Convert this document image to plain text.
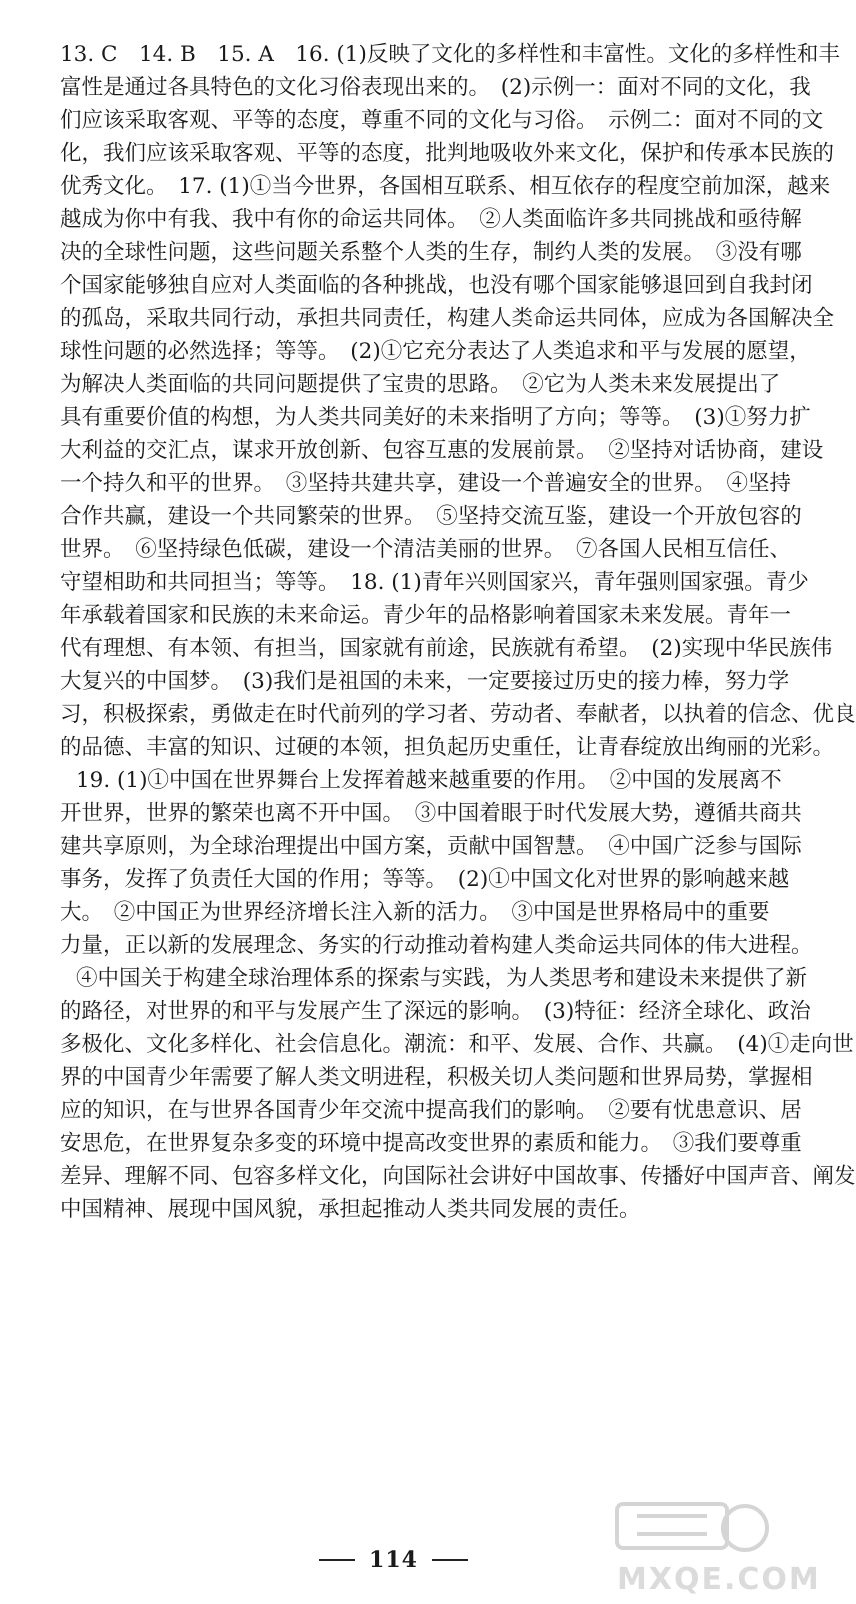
13. C　14. B　15. A　16. (1)反映了文化的多样性和丰富性。文化的多样性和丰
富性是通过各具特色的文化习俗表现出来的。　(2)示例一：面对不同的文化，我
们应该采取客观、平等的态度，尊重不同的文化与习俗。　示例二：面对不同的文
化，我们应该采取客观、平等的态度，批判地吸收外来文化，保护和传承本民族的
优秀文化。　17. (1)①当今世界，各国相互联系、相互依存的程度空前加深，越来
越成为你中有我、我中有你的命运共同体。　②人类面临许多共同挑战和亟待解
决的全球性问题，这些问题关系整个人类的生存，制约人类的发展。　③没有哪
个国家能够独自应对人类面临的各种挑战，也没有哪个国家能够退回到自我封闭
的孤岛，采取共同行动，承担共同责任，构建人类命运共同体，应成为各国解决全
球性问题的必然选择；等等。　(2)①它充分表达了人类追求和平与发展的愿望，
为解决人类面临的共同问题提供了宝贵的思路。　②它为人类未来发展提出了
具有重要价值的构想，为人类共同美好的未来指明了方向；等等。　(3)①努力扩
大利益的交汇点，谋求开放创新、包容互惠的发展前景。　②坚持对话协商，建设
一个持久和平的世界。　③坚持共建共享，建设一个普遍安全的世界。　④坚持
合作共赢，建设一个共同繁荣的世界。　⑤坚持交流互鉴，建设一个开放包容的
世界。　⑥坚持绿色低碳，建设一个清洁美丽的世界。　⑦各国人民相互信任、
守望相助和共同担当；等等。　18. (1)青年兴则国家兴，青年强则国家强。青少
年承载着国家和民族的未来命运。青少年的品格影响着国家未来发展。青年一
代有理想、有本领、有担当，国家就有前途，民族就有希望。　(2)实现中华民族伟
大复兴的中国梦。　(3)我们是祖国的未来，一定要接过历史的接力棒，努力学
习，积极探索，勇做走在时代前列的学习者、劳动者、奉献者，以执着的信念、优良
的品德、丰富的知识、过硬的本领，担负起历史重任，让青春绽放出绚丽的光彩。
19. (1)①中国在世界舞台上发挥着越来越重要的作用。　②中国的发展离不
开世界，世界的繁荣也离不开中国。　③中国着眼于时代发展大势，遵循共商共
建共享原则，为全球治理提出中国方案，贡献中国智慧。　④中国广泛参与国际
事务，发挥了负责任大国的作用；等等。　(2)①中国文化对世界的影响越来越
大。　②中国正为世界经济增长注入新的活力。　③中国是世界格局中的重要
力量，正以新的发展理念、务实的行动推动着构建人类命运共同体的伟大进程。
④中国关于构建全球治理体系的探索与实践，为人类思考和建设未来提供了新
的路径，对世界的和平与发展产生了深远的影响。　(3)特征：经济全球化、政治
多极化、文化多样化、社会信息化。潮流：和平、发展、合作、共赢。　(4)①走向世
界的中国青少年需要了解人类文明进程，积极关切人类问题和世界局势，掌握相
应的知识，在与世界各国青少年交流中提高我们的影响。　②要有忧患意识、居
安思危，在世界复杂多变的环境中提高改变世界的素质和能力。　③我们要尊重
差异、理解不同、包容多样文化，向国际社会讲好中国故事、传播好中国声音、阐发
中国精神、展现中国风貌，承担起推动人类共同发展的责任。
114
MXQE.COM
